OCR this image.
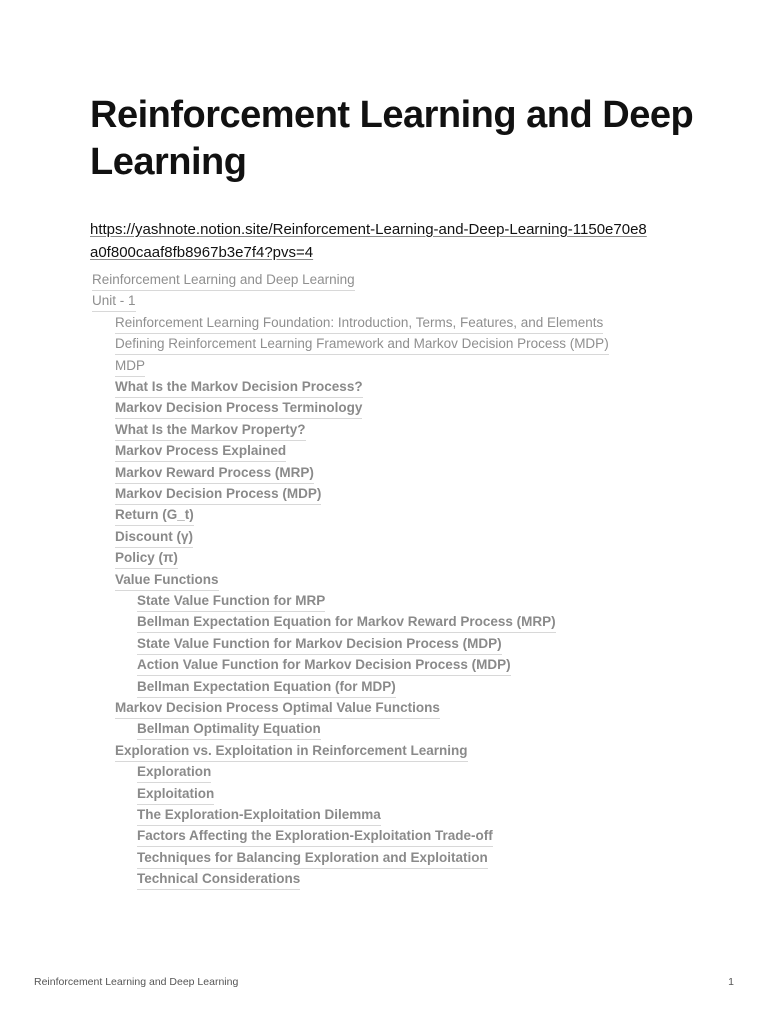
Reinforcement Learning and Deep Learning
https://yashnote.notion.site/Reinforcement-Learning-and-Deep-Learning-1150e70e8a0f800caaf8fb8967b3e7f4?pvs=4
Reinforcement Learning and Deep Learning
Unit - 1
Reinforcement Learning Foundation: Introduction, Terms, Features, and Elements
Defining Reinforcement Learning Framework and Markov Decision Process (MDP)
MDP
What Is the Markov Decision Process?
Markov Decision Process Terminology
What Is the Markov Property?
Markov Process Explained
Markov Reward Process (MRP)
Markov Decision Process (MDP)
Return (G_t)
Discount (γ)
Policy (π)
Value Functions
State Value Function for MRP
Bellman Expectation Equation for Markov Reward Process (MRP)
State Value Function for Markov Decision Process (MDP)
Action Value Function for Markov Decision Process (MDP)
Bellman Expectation Equation (for MDP)
Markov Decision Process Optimal Value Functions
Bellman Optimality Equation
Exploration vs. Exploitation in Reinforcement Learning
Exploration
Exploitation
The Exploration-Exploitation Dilemma
Factors Affecting the Exploration-Exploitation Trade-off
Techniques for Balancing Exploration and Exploitation
Technical Considerations
Reinforcement Learning and Deep Learning	1
